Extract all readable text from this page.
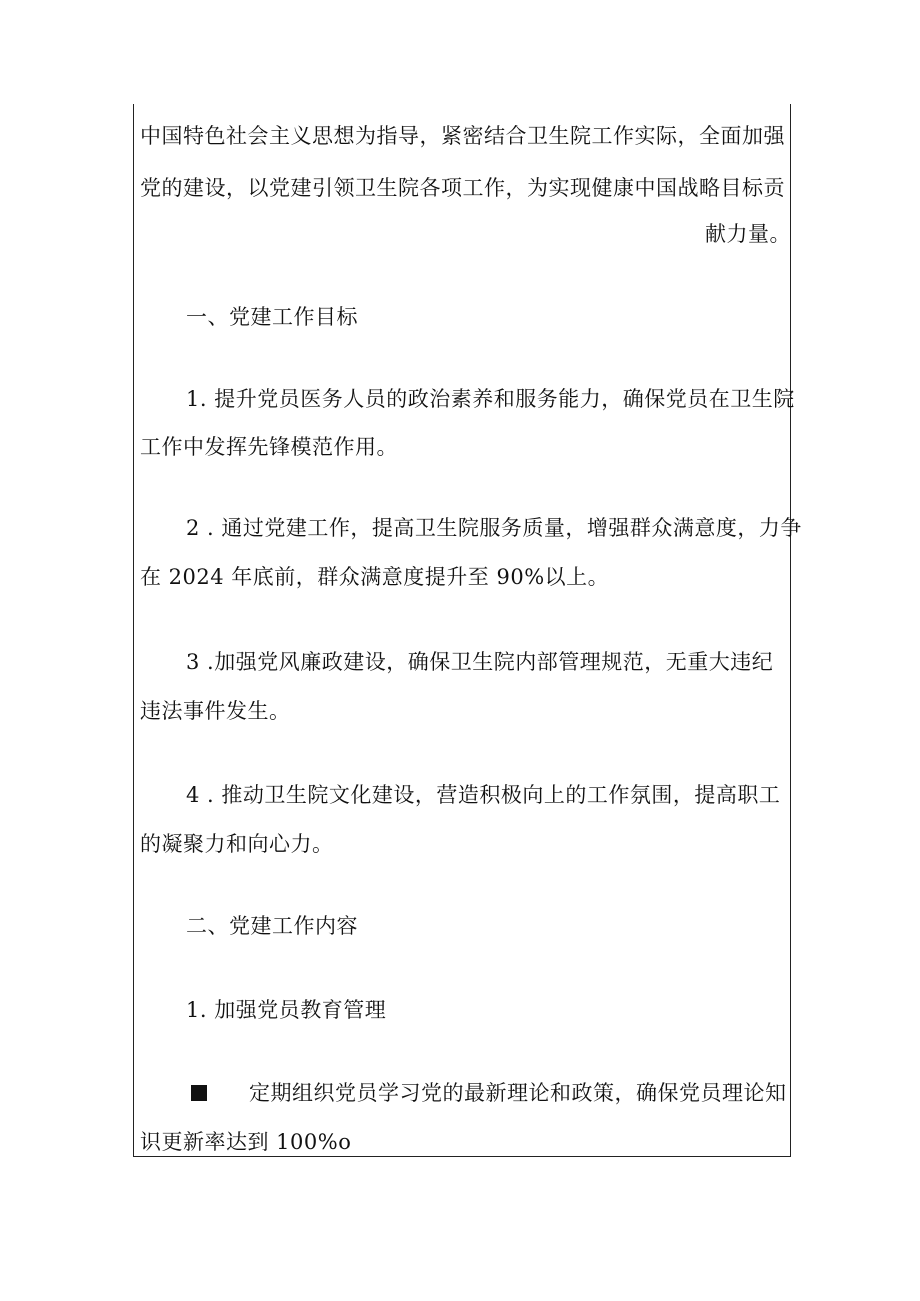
中国特色社会主义思想为指导，紧密结合卫生院工作实际，全面加强
党的建设，以党建引领卫生院各项工作，为实现健康中国战略目标贡
献力量。
一、党建工作目标
1. 提升党员医务人员的政治素养和服务能力，确保党员在卫生院
工作中发挥先锋模范作用。
2 . 通过党建工作，提高卫生院服务质量，增强群众满意度，力争
在 2024 年底前，群众满意度提升至 90%以上。
3 .加强党风廉政建设，确保卫生院内部管理规范，无重大违纪
违法事件发生。
4 . 推动卫生院文化建设，营造积极向上的工作氛围，提高职工
的凝聚力和向心力。
二、党建工作内容
1. 加强党员教育管理
定期组织党员学习党的最新理论和政策，确保党员理论知
识更新率达到 100%o
